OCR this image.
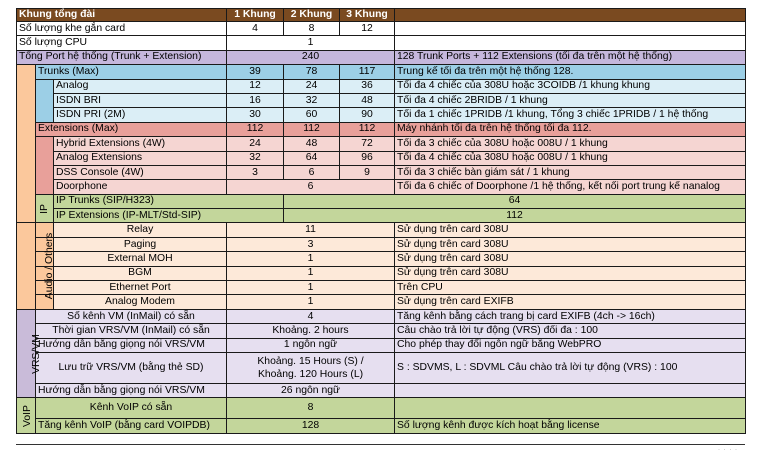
Khung tổng đài			1 Khung	2 Khung	3 Khung		
Số lượng khe gắn card			4	8	12		
Số lượng CPU			1				
Tổng Port hệ thống (Trunk + Extension)			240			128 Trunk Ports + 112 Extensions (tối đa trên một hệ thống)	
	Trunks (Max)		39	78	117	Trung kế tối đa trên một hệ thống 128.	
		Analog	12	24	36	Tối đa 4 chiếc của 308U hoặc 3COIDB /1 khung khung	
		ISDN BRI	16	32	48	Tối đa 4 chiếc 2BRIDB / 1 khung	
		ISDN PRI (2M)	30	60	90	Tối đa 1 chiếc 1PRIDB /1 khung, Tổng 3 chiếc 1PRIDB / 1 hệ thống	
	Extensions (Max)		112	112	112	Máy nhánh tối đa trên hệ thống tối đa 112.	
		Hybrid Extensions (4W)	24	48	72	Tối đa 3 chiếc của 308U hoặc 008U / 1 khung	
		Analog Extensions	32	64	96	Tối đa 4 chiếc của 308U hoặc 008U / 1 khung	
		DSS Console (4W)	3	6	9	Tối đa 3 chiếc bàn giám sát / 1 khung	
		Doorphone	6			Tối đa 6 chiếc of Doorphone /1 hệ thống, kết nối port trung kế nanalog	
	IP	IP Trunks (SIP/H323)		64	
		IP Extensions (IP-MLT/Std-SIP)		112	
Audio / Others		Relay	11			Sử dụng trên card 308U	
		Paging	3			Sử dụng trên card 308U	
		External MOH	1			Sử dụng trên card 308U	
		BGM	1			Sử dụng trên card 308U	
		Ethernet Port	1			Trên CPU	
		Analog Modem	1			Sử dụng trên card EXIFB	
VRS/VM	Số kênh VM (InMail) có sẵn		4			Tăng kênh bằng cách trang bị card EXIFB (4ch -> 16ch)	
	Thời gian VRS/VM (InMail) có sẵn		Khoảng. 2 hours			Câu chào trả lời tự động (VRS) đối đa : 100	
	Hướng dẫn bằng giọng nói VRS/VM		1 ngôn ngữ			Cho phép thay đổi ngôn ngữ bằng WebPRO	
	Lưu trữ VRS/VM (bằng thẻ SD)		Khoảng. 15 Hours (S) /
Khoảng. 120 Hours (L)			S : SDVMS, L : SDVML Câu chào trả lời tự động (VRS) : 100	
	Hướng dẫn bằng giọng nói VRS/VM		26 ngôn ngữ				
VoIP	Kênh VoIP có sẵn		8				
	Tăng kênh VoIP (bằng card VOIPDB)		128			Số lượng kênh được kích hoạt bằng license	
· · · ·
